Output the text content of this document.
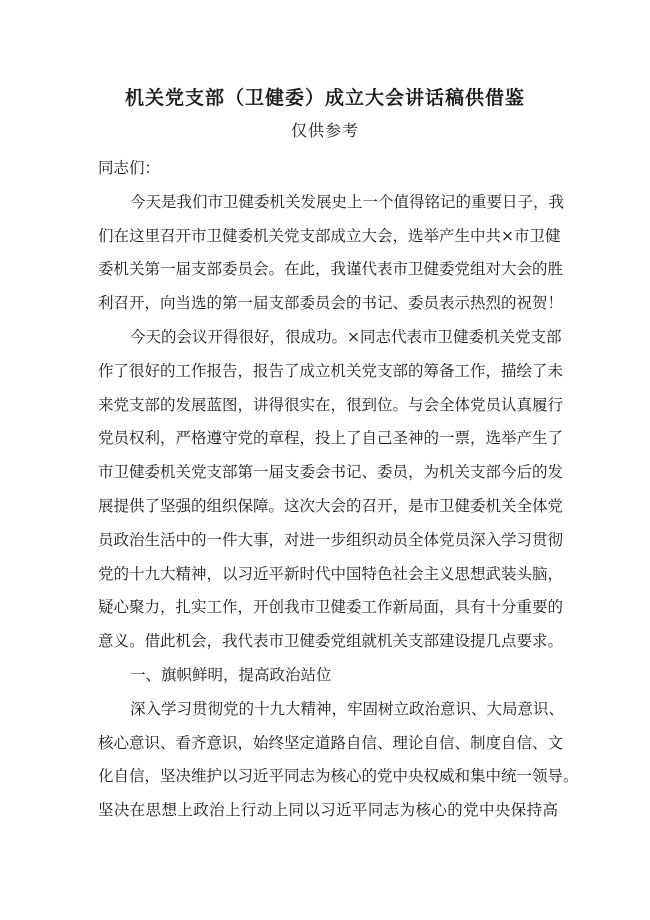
机关党支部（卫健委）成立大会讲话稿供借鉴
仅供参考
同志们：
今天是我们市卫健委机关发展史上一个值得铭记的重要日子，我
们在这里召开市卫健委机关党支部成立大会，选举产生中共×市卫健
委机关第一届支部委员会。在此，我谨代表市卫健委党组对大会的胜
利召开，向当选的第一届支部委员会的书记、委员表示热烈的祝贺！
今天的会议开得很好，很成功。×同志代表市卫健委机关党支部
作了很好的工作报告，报告了成立机关党支部的筹备工作，描绘了未
来党支部的发展蓝图，讲得很实在，很到位。与会全体党员认真履行
党员权利，严格遵守党的章程，投上了自己圣神的一票，选举产生了
市卫健委机关党支部第一届支委会书记、委员，为机关支部今后的发
展提供了坚强的组织保障。这次大会的召开，是市卫健委机关全体党
员政治生活中的一件大事，对进一步组织动员全体党员深入学习贯彻
党的十九大精神，以习近平新时代中国特色社会主义思想武装头脑，
疑心聚力，扎实工作，开创我市卫健委工作新局面，具有十分重要的
意义。借此机会，我代表市卫健委党组就机关支部建设提几点要求。
一、旗帜鲜明，提高政治站位
深入学习贯彻党的十九大精神，牢固树立政治意识、大局意识、
核心意识、看齐意识，始终坚定道路自信、理论自信、制度自信、文
化自信，坚决维护以习近平同志为核心的党中央权威和集中统一领导。
坚决在思想上政治上行动上同以习近平同志为核心的党中央保持高
